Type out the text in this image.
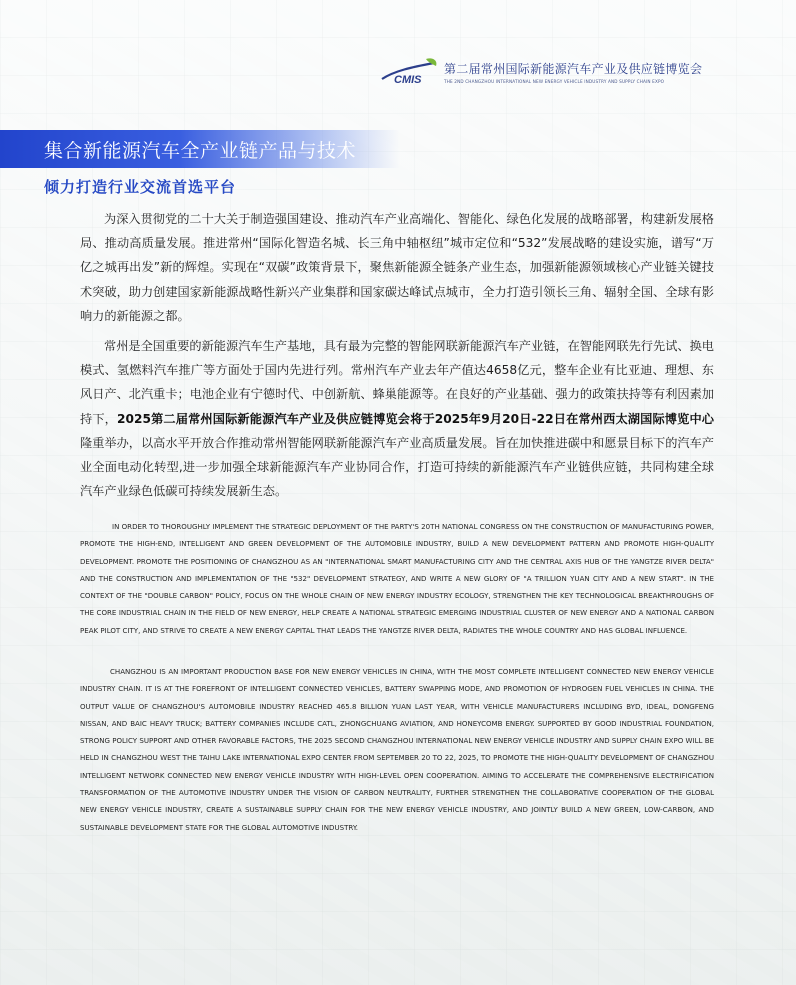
CMIS
第二届常州国际新能源汽车产业及供应链博览会
THE 2ND CHANGZHOU INTERNATIONAL NEW ENERGY VEHICLE INDUSTRY AND SUPPLY CHAIN EXPO
集合新能源汽车全产业链产品与技术
倾力打造行业交流首选平台

为深入贯彻党的二十大关于制造强国建设、推动汽车产业高端化、智能化、绿色化发展的战略部署，构建新发展格局、推动高质量发展。推进常州“国际化智造名城、长三角中轴枢纽”城市定位和“532”发展战略的建设实施，谱写“万亿之城再出发”新的辉煌。实现在“双碳”政策背景下，聚焦新能源全链条产业生态，加强新能源领域核心产业链关键技术突破，助力创建国家新能源战略性新兴产业集群和国家碳达峰试点城市，全力打造引领长三角、辐射全国、全球有影响力的新能源之都。

常州是全国重要的新能源汽车生产基地，具有最为完整的智能网联新能源汽车产业链，在智能网联先行先试、换电模式、氢燃料汽车推广等方面处于国内先进行列。常州汽车产业去年产值达4658亿元，整车企业有比亚迪、理想、东风日产、北汽重卡；电池企业有宁德时代、中创新航、蜂巢能源等。在良好的产业基础、强力的政策扶持等有利因素加持下，2025第二届常州国际新能源汽车产业及供应链博览会将于2025年9月20日-22日在常州西太湖国际博览中心隆重举办，以高水平开放合作推动常州智能网联新能源汽车产业高质量发展。旨在加快推进碳中和愿景目标下的汽车产业全面电动化转型,进一步加强全球新能源汽车产业协同合作，打造可持续的新能源汽车产业链供应链，共同构建全球汽车产业绿色低碳可持续发展新生态。

IN ORDER TO THOROUGHLY IMPLEMENT THE STRATEGIC DEPLOYMENT OF THE PARTY'S 20TH NATIONAL CONGRESS ON THE CONSTRUCTION OF MANUFACTURING POWER, PROMOTE THE HIGH-END, INTELLIGENT AND GREEN DEVELOPMENT OF THE AUTOMOBILE INDUSTRY, BUILD A NEW DEVELOPMENT PATTERN AND PROMOTE HIGH-QUALITY DEVELOPMENT. PROMOTE THE POSITIONING OF CHANGZHOU AS AN "INTERNATIONAL SMART MANUFACTURING CITY AND THE CENTRAL AXIS HUB OF THE YANGTZE RIVER DELTA" AND THE CONSTRUCTION AND IMPLEMENTATION OF THE "532" DEVELOPMENT STRATEGY, AND WRITE A NEW GLORY OF "A TRILLION YUAN CITY AND A NEW START". IN THE CONTEXT OF THE "DOUBLE CARBON" POLICY, FOCUS ON THE WHOLE CHAIN OF NEW ENERGY INDUSTRY ECOLOGY, STRENGTHEN THE KEY TECHNOLOGICAL BREAKTHROUGHS OF THE CORE INDUSTRIAL CHAIN IN THE FIELD OF NEW ENERGY, HELP CREATE A NATIONAL STRATEGIC EMERGING INDUSTRIAL CLUSTER OF NEW ENERGY AND A NATIONAL CARBON PEAK PILOT CITY, AND STRIVE TO CREATE A NEW ENERGY CAPITAL THAT LEADS THE YANGTZE RIVER DELTA, RADIATES THE WHOLE COUNTRY AND HAS GLOBAL INFLUENCE.

CHANGZHOU IS AN IMPORTANT PRODUCTION BASE FOR NEW ENERGY VEHICLES IN CHINA, WITH THE MOST COMPLETE INTELLIGENT CONNECTED NEW ENERGY VEHICLE INDUSTRY CHAIN. IT IS AT THE FOREFRONT OF INTELLIGENT CONNECTED VEHICLES, BATTERY SWAPPING MODE, AND PROMOTION OF HYDROGEN FUEL VEHICLES IN CHINA. THE OUTPUT VALUE OF CHANGZHOU'S AUTOMOBILE INDUSTRY REACHED 465.8 BILLION YUAN LAST YEAR, WITH VEHICLE MANUFACTURERS INCLUDING BYD, IDEAL, DONGFENG NISSAN, AND BAIC HEAVY TRUCK; BATTERY COMPANIES INCLUDE CATL, ZHONGCHUANG AVIATION, AND HONEYCOMB ENERGY. SUPPORTED BY GOOD INDUSTRIAL FOUNDATION, STRONG POLICY SUPPORT AND OTHER FAVORABLE FACTORS, THE 2025 SECOND CHANGZHOU INTERNATIONAL NEW ENERGY VEHICLE INDUSTRY AND SUPPLY CHAIN EXPO WILL BE HELD IN CHANGZHOU WEST THE TAIHU LAKE INTERNATIONAL EXPO CENTER FROM SEPTEMBER 20 TO 22, 2025, TO PROMOTE THE HIGH-QUALITY DEVELOPMENT OF CHANGZHOU INTELLIGENT NETWORK CONNECTED NEW ENERGY VEHICLE INDUSTRY WITH HIGH-LEVEL OPEN COOPERATION. AIMING TO ACCELERATE THE COMPREHENSIVE ELECTRIFICATION TRANSFORMATION OF THE AUTOMOTIVE INDUSTRY UNDER THE VISION OF CARBON NEUTRALITY, FURTHER STRENGTHEN THE COLLABORATIVE COOPERATION OF THE GLOBAL NEW ENERGY VEHICLE INDUSTRY, CREATE A SUSTAINABLE SUPPLY CHAIN FOR THE NEW ENERGY VEHICLE INDUSTRY, AND JOINTLY BUILD A NEW GREEN, LOW-CARBON, AND SUSTAINABLE DEVELOPMENT STATE FOR THE GLOBAL AUTOMOTIVE INDUSTRY.
